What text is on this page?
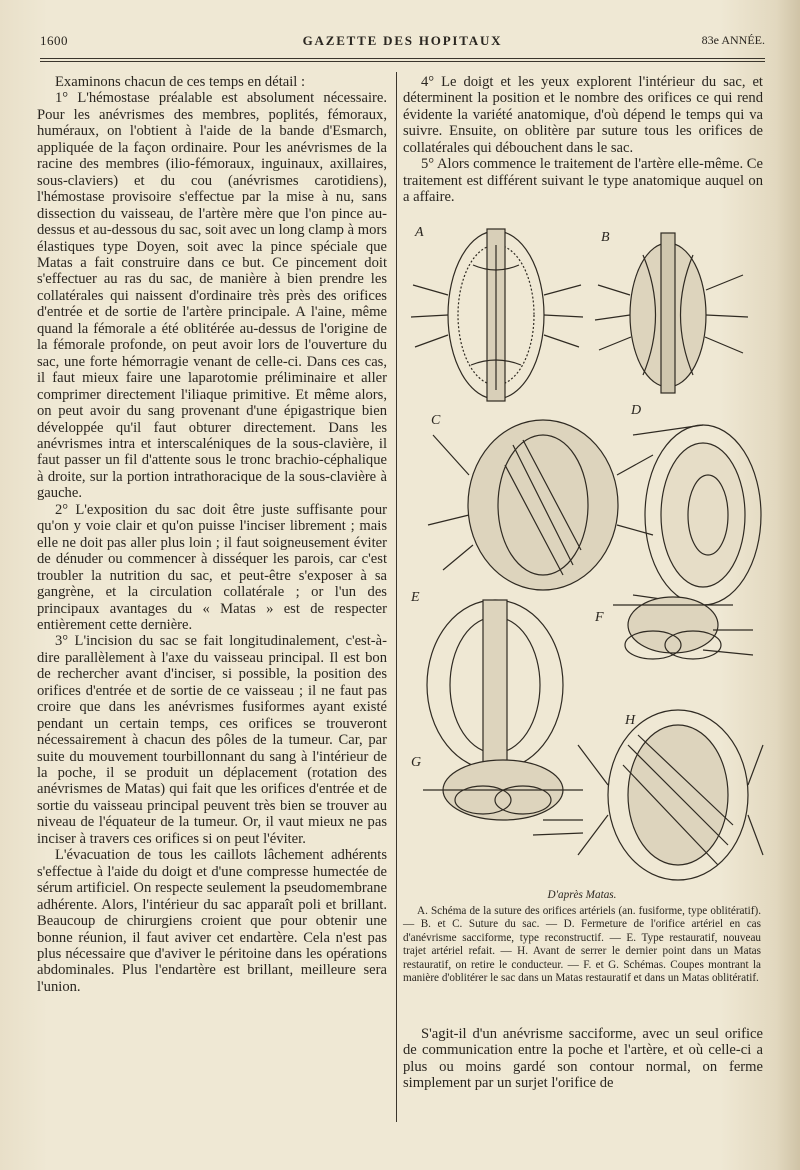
1600	GAZETTE DES HOPITAUX	83e ANNÉE.

Examinons chacun de ces temps en détail :

1° L'hémostase préalable est absolument nécessaire. Pour les anévrismes des membres, poplités, fémoraux, huméraux, on l'obtient à l'aide de la bande d'Esmarch, appliquée de la façon ordinaire. Pour les anévrismes de la racine des membres (ilio-fémoraux, inguinaux, axillaires, sous-claviers) et du cou (anévrismes carotidiens), l'hémostase provisoire s'effectue par la mise à nu, sans dissection du vaisseau, de l'artère mère que l'on pince au-dessus et au-dessous du sac, soit avec un long clamp à mors élastiques type Doyen, soit avec la pince spéciale que Matas a fait construire dans ce but. Ce pincement doit s'effectuer au ras du sac, de manière à bien prendre les collatérales qui naissent d'ordinaire très près des orifices d'entrée et de sortie de l'artère principale. A l'aine, même quand la fémorale a été oblitérée au-dessus de l'origine de la fémorale profonde, on peut avoir lors de l'ouverture du sac, une forte hémorragie venant de celle-ci. Dans ces cas, il faut mieux faire une laparotomie préliminaire et aller comprimer directement l'iliaque primitive. Et même alors, on peut avoir du sang provenant d'une épigastrique bien développée qu'il faut obturer directement. Dans les anévrismes intra et interscaléniques de la sous-clavière, il faut passer un fil d'attente sous le tronc brachio-céphalique à droite, sur la portion intrathoracique de la sous-clavière à gauche.

2° L'exposition du sac doit être juste suffisante pour qu'on y voie clair et qu'on puisse l'inciser librement ; mais elle ne doit pas aller plus loin ; il faut soigneusement éviter de dénuder ou commencer à disséquer les parois, car c'est troubler la nutrition du sac, et peut-être s'exposer à sa gangrène, et la circulation collatérale ; or l'un des principaux avantages du « Matas » est de respecter entièrement cette dernière.

3° L'incision du sac se fait longitudinalement, c'est-à-dire parallèlement à l'axe du vaisseau principal. Il est bon de rechercher avant d'inciser, si possible, la position des orifices d'entrée et de sortie de ce vaisseau ; il ne faut pas croire que dans les anévrismes fusiformes ayant existé pendant un certain temps, ces orifices se trouveront nécessairement à chacun des pôles de la tumeur. Car, par suite du mouvement tourbillonnant du sang à l'intérieur de la poche, il se produit un déplacement (rotation des anévrismes de Matas) qui fait que les orifices d'entrée et de sortie du vaisseau principal peuvent très bien se trouver au niveau de l'équateur de la tumeur. Or, il vaut mieux ne pas inciser à travers ces orifices si on peut l'éviter.

L'évacuation de tous les caillots lâchement adhérents s'effectue à l'aide du doigt et d'une compresse humectée de sérum artificiel. On respecte seulement la pseudomembrane adhérente. Alors, l'intérieur du sac apparaît poli et brillant. Beaucoup de chirurgiens croient que pour obtenir une bonne réunion, il faut aviver cet endartère. Cela n'est pas plus nécessaire que d'aviver le péritoine dans les opérations abdominales. Plus l'endartère est brillant, meilleure sera l'union.

4° Le doigt et les yeux explorent l'intérieur du sac, et déterminent la position et le nombre des orifices ce qui rend évidente la variété anatomique, d'où dépend le temps qui va suivre. Ensuite, on oblitère par suture tous les orifices de collatérales qui débouchent dans le sac.

5° Alors commence le traitement de l'artère elle-même. Ce traitement est différent suivant le type anatomique auquel on a affaire.

A	B
C
D
E
F
G
H
D'après Matas.
A. Schéma de la suture des orifices artériels (an. fusiforme, type oblitératif). — B. et C. Suture du sac. — D. Fermeture de l'orifice artériel en cas d'anévrisme sacciforme, type reconstructif. — E. Type restauratif, nouveau trajet artériel refait. — H. Avant de serrer le dernier point dans un Matas restauratif, on retire le conducteur. — F. et G. Schémas. Coupes montrant la manière d'oblitérer le sac dans un Matas restauratif et dans un Matas oblitératif.

S'agit-il d'un anévrisme sacciforme, avec un seul orifice de communication entre la poche et l'artère, et où celle-ci a plus ou moins gardé son contour normal, on ferme simplement par un surjet l'orifice de
